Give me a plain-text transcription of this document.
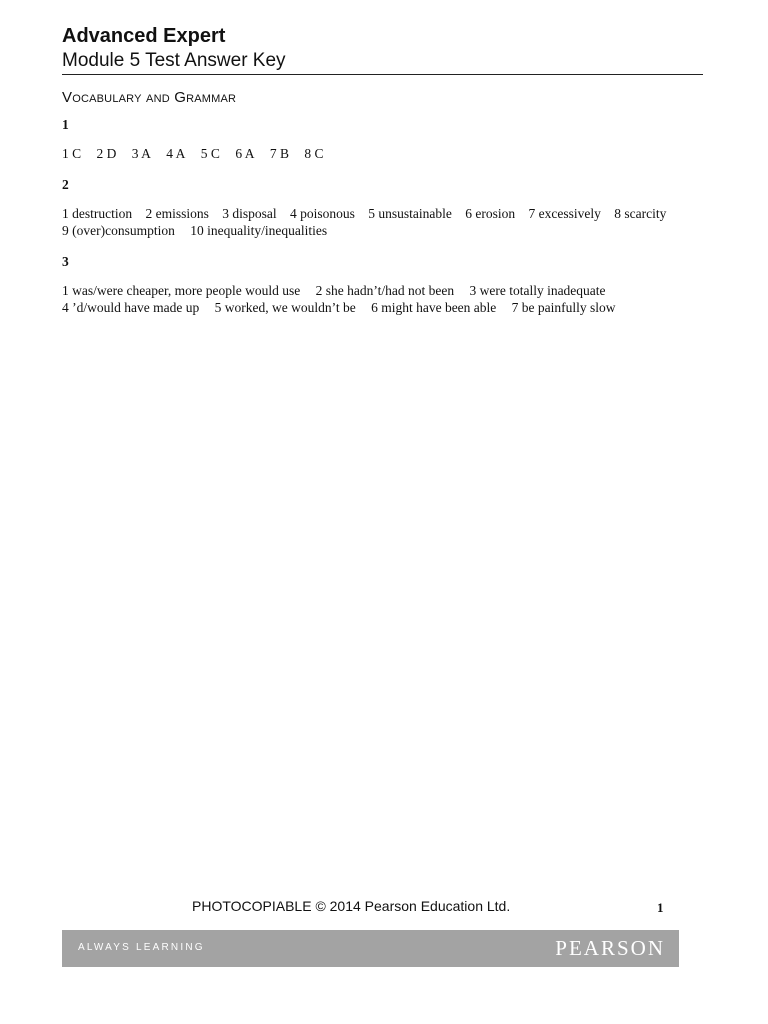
Advanced Expert
Module 5 Test Answer Key
Vocabulary and Grammar
1
1 C 2 D 3 A 4 A 5 C 6 A 7 B 8 C
2
1 destruction 2 emissions 3 disposal 4 poisonous 5 unsustainable 6 erosion 7 excessively 8 scarcity
9 (over)consumption 10 inequality/inequalities
3
1 was/were cheaper, more people would use 2 she hadn’t/had not been 3 were totally inadequate
4 ’d/would have made up 5 worked, we wouldn’t be 6 might have been able 7 be painfully slow
PHOTOCOPIABLE © 2014 Pearson Education Ltd.	1
ALWAYS LEARNING	PEARSON
